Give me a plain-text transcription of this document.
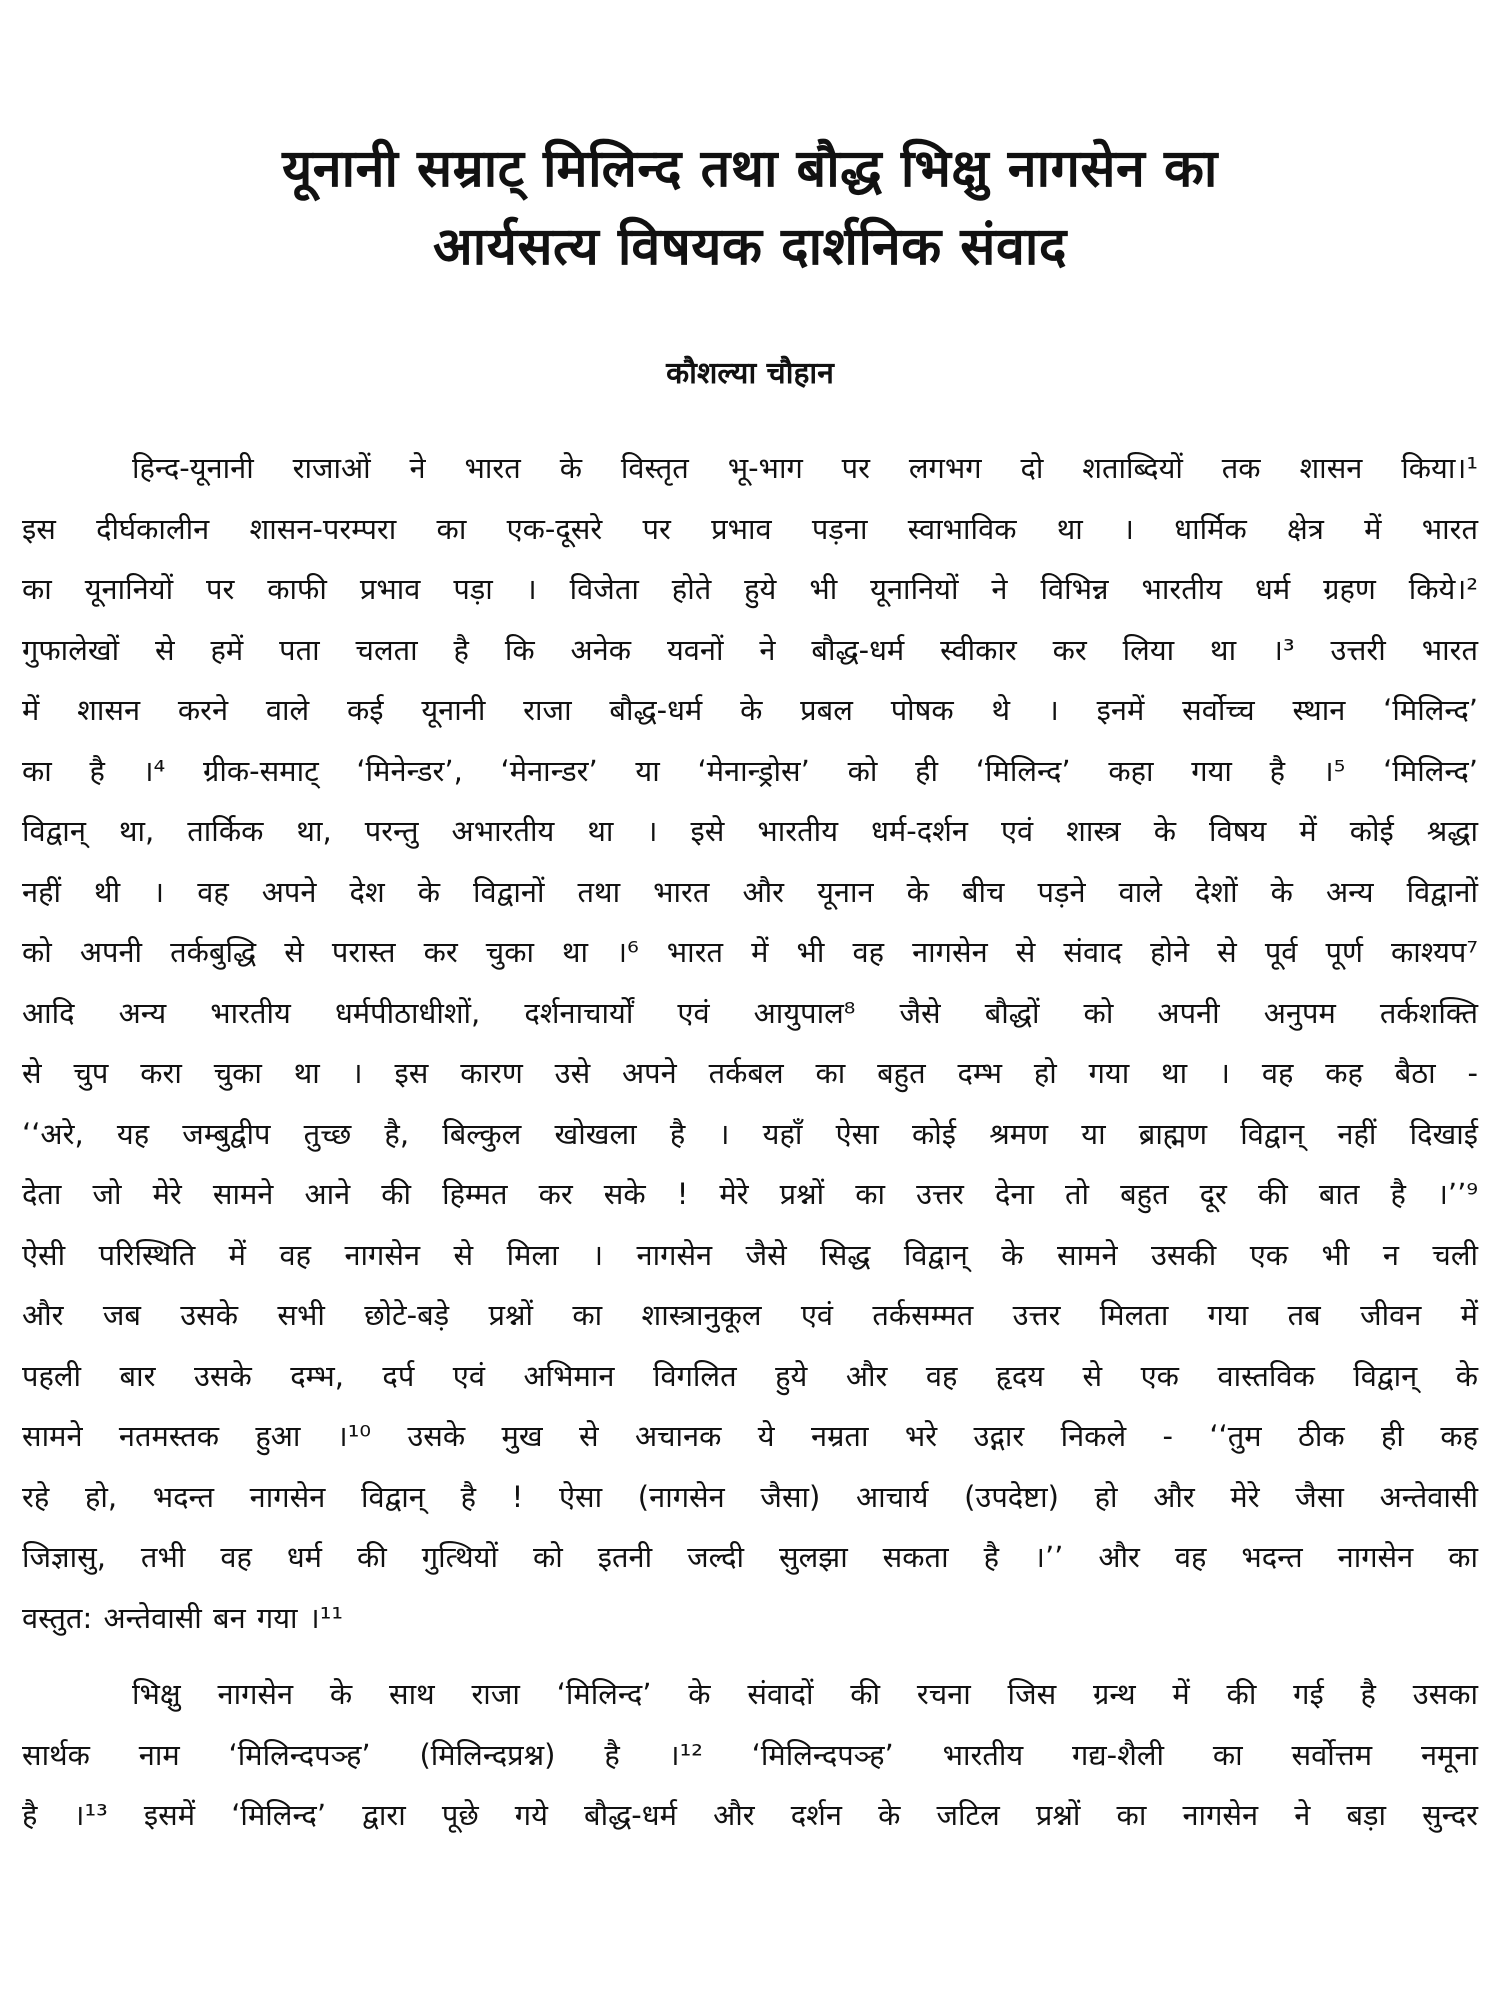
यूनानी सम्राट् मिलिन्द तथा बौद्ध भिक्षु नागसेन का
आर्यसत्य विषयक दार्शनिक संवाद
कौशल्या चौहान
हिन्द-यूनानी राजाओं ने भारत के विस्तृत भू-भाग पर लगभग दो शताब्दियों तक शासन किया।¹
इस दीर्घकालीन शासन-परम्परा का एक-दूसरे पर प्रभाव पड़ना स्वाभाविक था । धार्मिक क्षेत्र में भारत
का यूनानियों पर काफी प्रभाव पड़ा । विजेता होते हुये भी यूनानियों ने विभिन्न भारतीय धर्म ग्रहण किये।²
गुफालेखों से हमें पता चलता है कि अनेक यवनों ने बौद्ध-धर्म स्वीकार कर लिया था ।³ उत्तरी भारत
में शासन करने वाले कई यूनानी राजा बौद्ध-धर्म के प्रबल पोषक थे । इनमें सर्वोच्च स्थान ‘मिलिन्द’
का है ।⁴ ग्रीक-समाट् ‘मिनेन्डर’, ‘मेनान्डर’ या ‘मेनान्ड्रोस’ को ही ‘मिलिन्द’ कहा गया है ।⁵ ‘मिलिन्द’
विद्वान् था, तार्किक था, परन्तु अभारतीय था । इसे भारतीय धर्म-दर्शन एवं शास्त्र के विषय में कोई श्रद्धा
नहीं थी । वह अपने देश के विद्वानों तथा भारत और यूनान के बीच पड़ने वाले देशों के अन्य विद्वानों
को अपनी तर्कबुद्धि से परास्त कर चुका था ।⁶ भारत में भी वह नागसेन से संवाद होने से पूर्व पूर्ण काश्यप⁷
आदि अन्य भारतीय धर्मपीठाधीशों, दर्शनाचार्यों एवं आयुपाल⁸ जैसे बौद्धों को अपनी अनुपम तर्कशक्ति
से चुप करा चुका था । इस कारण उसे अपने तर्कबल का बहुत दम्भ हो गया था । वह कह बैठा -
‘‘अरे, यह जम्बुद्वीप तुच्छ है, बिल्कुल खोखला है । यहाँ ऐसा कोई श्रमण या ब्राह्मण विद्वान् नहीं दिखाई
देता जो मेरे सामने आने की हिम्मत कर सके ! मेरे प्रश्नों का उत्तर देना तो बहुत दूर की बात है ।’’⁹
ऐसी परिस्थिति में वह नागसेन से मिला । नागसेन जैसे सिद्ध विद्वान् के सामने उसकी एक भी न चली
और जब उसके सभी छोटे-बड़े प्रश्नों का शास्त्रानुकूल एवं तर्कसम्मत उत्तर मिलता गया तब जीवन में
पहली बार उसके दम्भ, दर्प एवं अभिमान विगलित हुये और वह हृदय से एक वास्तविक विद्वान् के
सामने नतमस्तक हुआ ।¹⁰ उसके मुख से अचानक ये नम्रता भरे उद्गार निकले - ‘‘तुम ठीक ही कह
रहे हो, भदन्त नागसेन विद्वान् है ! ऐसा (नागसेन जैसा) आचार्य (उपदेष्टा) हो और मेरे जैसा अन्तेवासी
जिज्ञासु, तभी वह धर्म की गुत्थियों को इतनी जल्दी सुलझा सकता है ।’’ और वह भदन्त नागसेन का
वस्तुत: अन्तेवासी बन गया ।¹¹
भिक्षु नागसेन के साथ राजा ‘मिलिन्द’ के संवादों की रचना जिस ग्रन्थ में की गई है उसका
सार्थक नाम ‘मिलिन्दपञ्ह’ (मिलिन्दप्रश्न) है ।¹² ‘मिलिन्दपञ्ह’ भारतीय गद्य-शैली का सर्वोत्तम नमूना
है ।¹³ इसमें ‘मिलिन्द’ द्वारा पूछे गये बौद्ध-धर्म और दर्शन के जटिल प्रश्नों का नागसेन ने बड़ा सुन्दर
